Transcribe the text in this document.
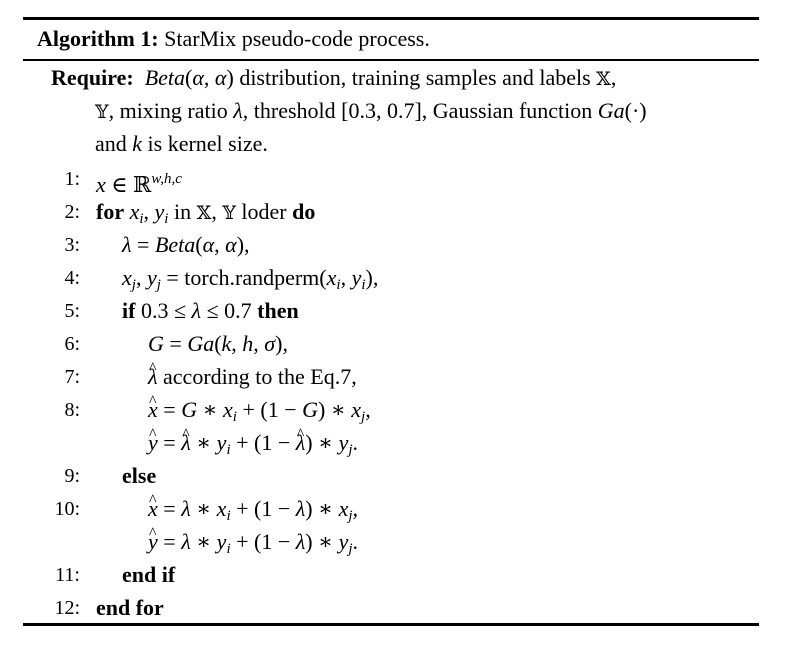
Algorithm 1: StarMix pseudo-code process.
Require: Beta(α, α) distribution, training samples and labels 𝕏,
𝕐, mixing ratio λ, threshold [0.3, 0.7], Gaussian function Ga(·)
and k is kernel size.
1: x ∈ ℝ$^{w,h,c}$
2: for $x_i$, $y_i$ in 𝕏, 𝕐 loder do
3: λ = Beta(α, α),
4: $x_j$, $y_j$ = $torch.randperm(x_i$, $y_i$),
5: if 0.3 ≤ λ ≤ 0.7 then
6:	G = Ga(k, h, σ),
7:	^ λ according to the Eq.7,
8:	^ x = G ∗ $x_i + (1 - G)$ ∗ $x_j$,
^ y = ^ λ ∗ $y_i + (1$ − ^ λ) ∗ $y_j$.
9: else
10:	^ x = λ ∗ $x_i + (1 - \lambda)$ ∗ $x_j$,
^ y = λ ∗ $y_i + (1 - \lambda)$ ∗ $y_j$.
11: end if
12: end for
